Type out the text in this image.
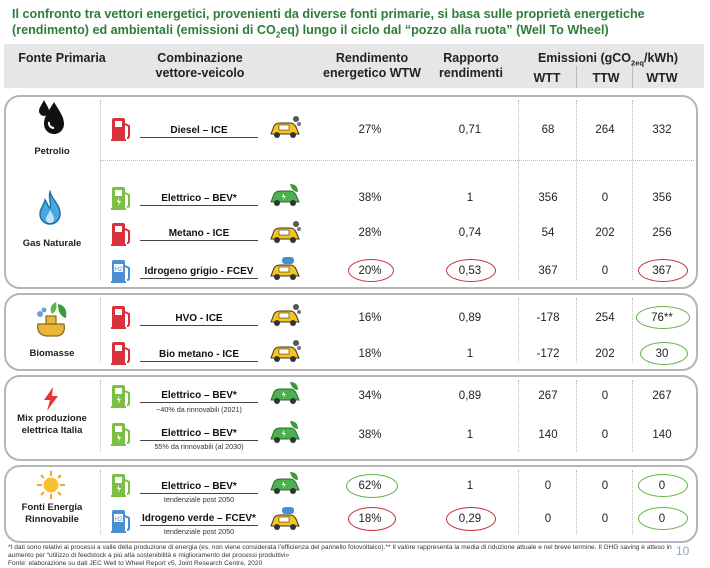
Il confronto tra vettori energetici, provenienti da diverse fonti primarie, si basa sulle proprietà energetiche
(rendimento) ed ambientali (emissioni di $CO_2eq$) lungo il ciclo dal “pozzo alla ruota” (Well To Wheel)
Fonte Primaria	Combinazione vettore-veicolo
Rendimento energetico WTW
Rapporto rendimenti
Emissioni (gCO$_{2eq}$/kWh)
WTT	TTW	WTW
Petrolio
Gas Naturale
Biomasse
Mix produzione elettrica Italia
Fonti Energia Rinnovabile
H2
H2
Diesel – ICE	27%	0,71	68	264	332
Elettrico – BEV*	38%	1	356	0	356
Metano - ICE	28%	0,74	54	202	256
Idrogeno grigio - FCEV	20%	0,53	367	0	367
HVO - ICE	16%	0,89	-178	254	76**
Bio metano - ICE	18%	1	-172	202	30
Elettrico – BEV*
~40% da rinnovabili (2021)
34%	0,89	267	0	267
Elettrico – BEV*
55% da rinnovabili (al 2030)
38%	1	140	0	140
Elettrico – BEV*
tendenziale post 2050
62%	1	0	0	0
Idrogeno verde – FCEV*
tendenziale post 2050
18%	0,29	0	0	0
*I dati sono relativi ai processi a valle della produzione di energia (es. non viene considerata l’efficienza del pannello fotovoltaico).** Il valore rappresenta la media di riduzione attuale e nel breve termine. Il GHG saving è atteso in aumento per “utilizzo di feedstock a più alta sostenibilità e miglioramento dei processi produttivi»
Fonte: elaborazione su dati JEC Well to Wheel Report v5, Joint Research Centre, 2020
10
